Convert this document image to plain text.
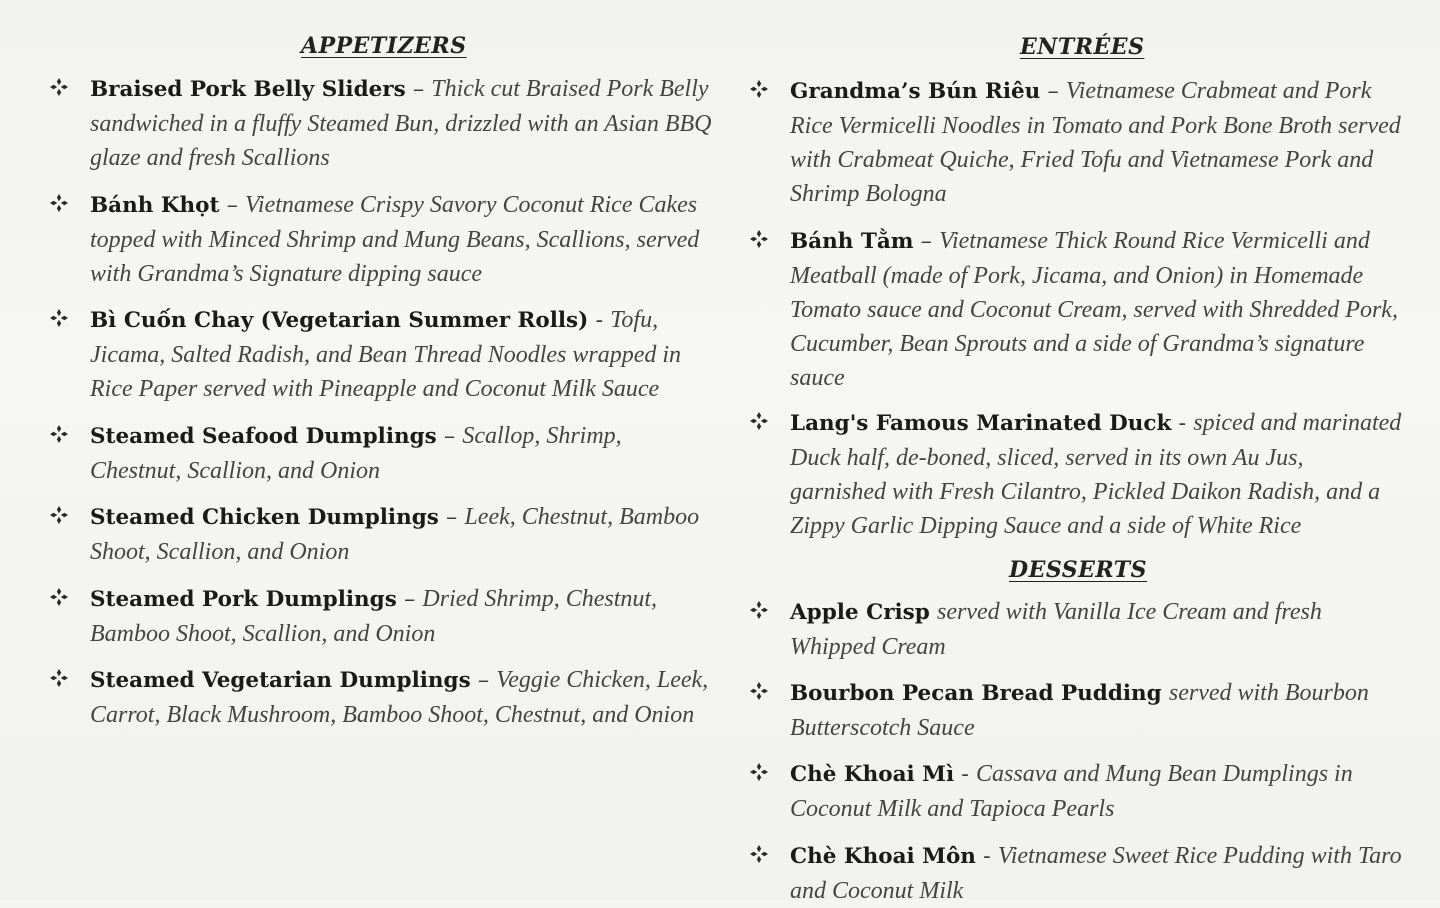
APPETIZERS

Braised Pork Belly Sliders – Thick cut Braised Pork Belly sandwiched in a fluffy Steamed Bun, drizzled with an Asian BBQ glaze and fresh Scallions

Bánh Khọt – Vietnamese Crispy Savory Coconut Rice Cakes topped with Minced Shrimp and Mung Beans, Scallions, served with Grandma’s Signature dipping sauce

Bì Cuốn Chay (Vegetarian Summer Rolls) - Tofu, Jicama, Salted Radish, and Bean Thread Noodles wrapped in Rice Paper served with Pineapple and Coconut Milk Sauce

Steamed Seafood Dumplings – Scallop, Shrimp, Chestnut, Scallion, and Onion

Steamed Chicken Dumplings – Leek, Chestnut, Bamboo Shoot, Scallion, and Onion

Steamed Pork Dumplings – Dried Shrimp, Chestnut, Bamboo Shoot, Scallion, and Onion

Steamed Vegetarian Dumplings – Veggie Chicken, Leek, Carrot, Black Mushroom, Bamboo Shoot, Chestnut, and Onion

ENTRÉES

Grandma’s Bún Riêu – Vietnamese Crabmeat and Pork Rice Vermicelli Noodles in Tomato and Pork Bone Broth served with Crabmeat Quiche, Fried Tofu and Vietnamese Pork and Shrimp Bologna

Bánh Tằm – Vietnamese Thick Round Rice Vermicelli and Meatball (made of Pork, Jicama, and Onion) in Homemade Tomato sauce and Coconut Cream, served with Shredded Pork, Cucumber, Bean Sprouts and a side of Grandma’s signature sauce

Lang's Famous Marinated Duck - spiced and marinated Duck half, de-boned, sliced, served in its own Au Jus, garnished with Fresh Cilantro, Pickled Daikon Radish, and a Zippy Garlic Dipping Sauce and a side of White Rice

DESSERTS

Apple Crisp served with Vanilla Ice Cream and fresh Whipped Cream

Bourbon Pecan Bread Pudding served with Bourbon Butterscotch Sauce

Chè Khoai Mì - Cassava and Mung Bean Dumplings in Coconut Milk and Tapioca Pearls

Chè Khoai Môn - Vietnamese Sweet Rice Pudding with Taro and Coconut Milk
